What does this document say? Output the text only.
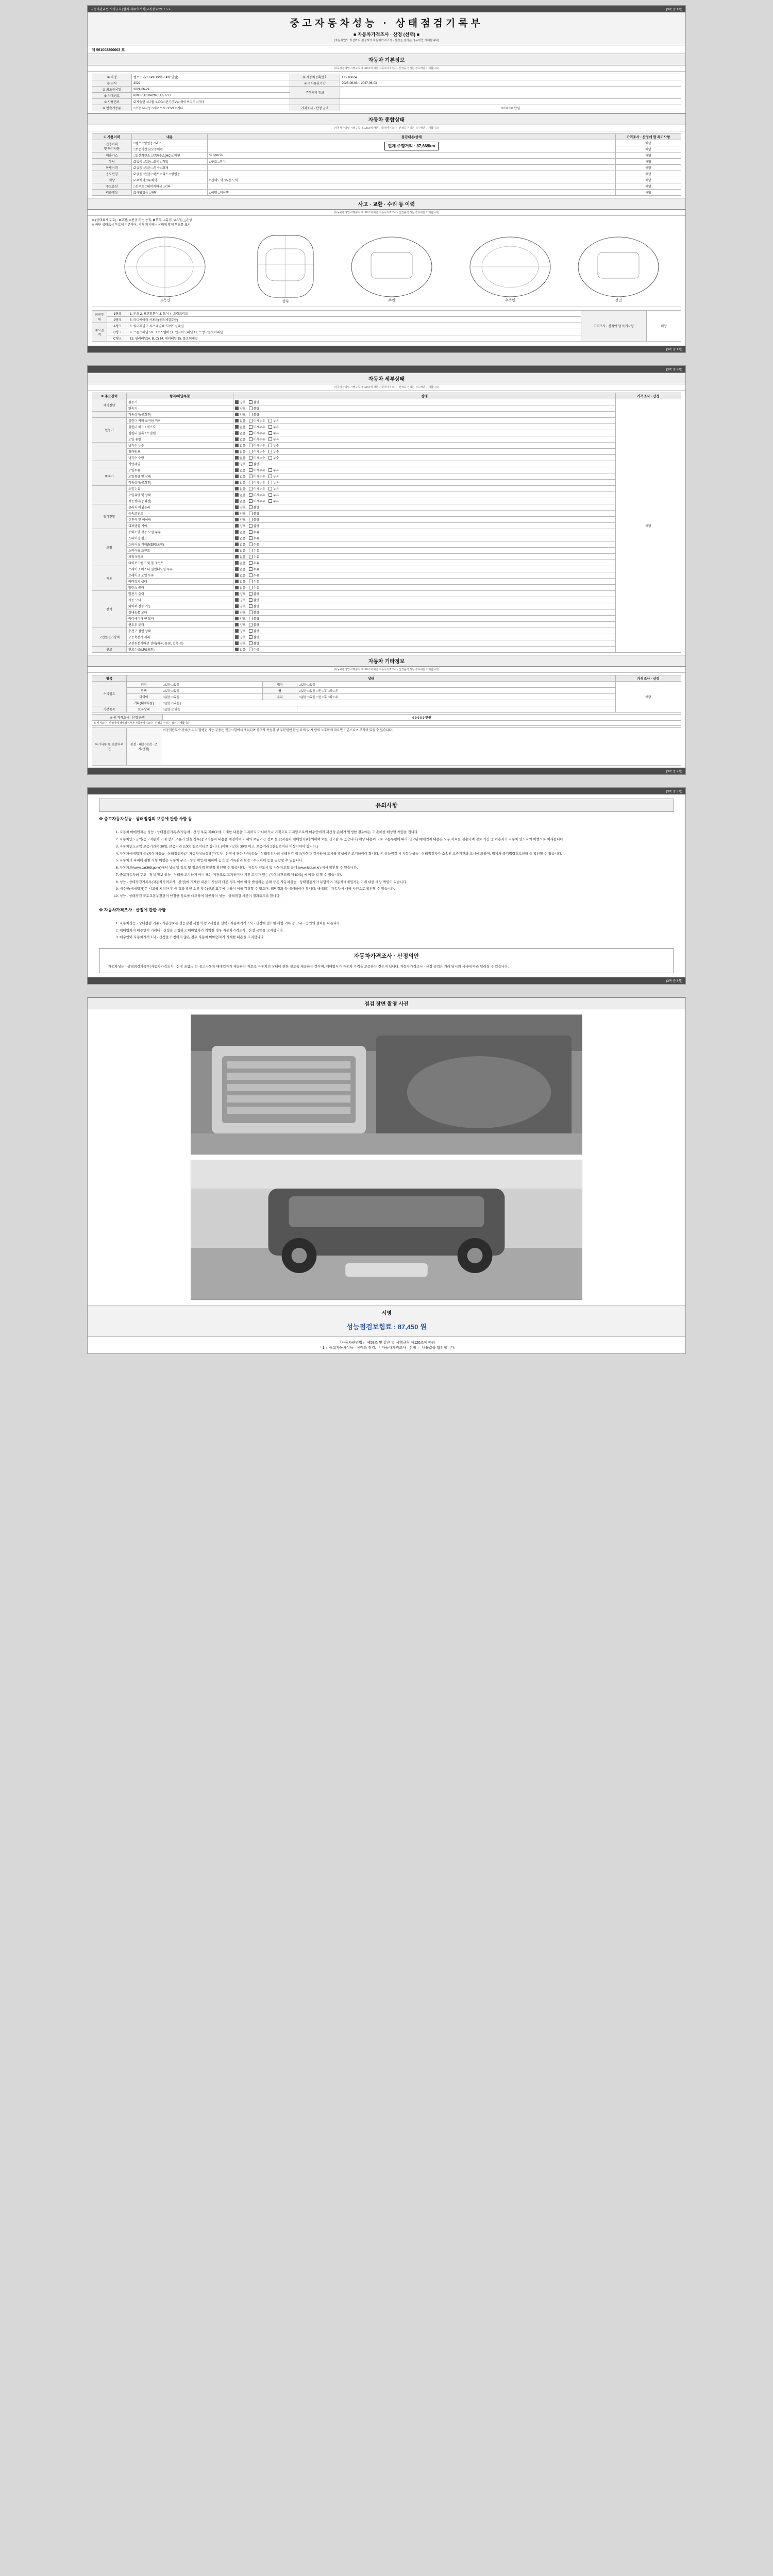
자동차관리법 시행규칙 [별지 제82호서식] <개정 2021.7.5.>	(3쪽 중 1쪽)
중고자동차성능 · 상태점검기록부
■ 자동차가격조사 · 산정 (선택) ■
(자동차인도 이전까지 점검자가 자동차가격조사 · 산정을 원하는 경우에만 기재합니다)
제 561002200003 호
자동차 기본정보
(자동차관리법 시행규칙 제120조에 따른 자동차가격조사 · 산정을 원하는 경우에만 기재합니다)
① 차명	벨로스터(1.6PLUS택시 4박 인델)	② 자동차등록번호	17도83624
③ 연식	2022	④ 검사유효기간	2025-06-03 ~ 2027-06-03
⑤ 최초등록일	2021-06-29	주행거리 정보	
⑥ 차대번호	KMHR5B1VA2MCU857773		
⑦ 사용연료	☑가솔린 □디젤 □LPG □전기(EV) □하이브리드 □기타		
⑧ 변속기종류	□수동 ☑자동 □세미오토 □CVT □기타	가격조사 · 산정 금액	0 0 0 0 0 만원
자동차 종합상태
(자동차관리법 시행규칙 제120조에 따른 자동차가격조사 · 산정을 원하는 경우에만 기재합니다)
① 사용이력	내용	점검내용/상태	가격조사 · 산정에 딸 특기사항
전용이력
및 특기사항	□렌트 □영업용 □리스	현재 주행거리 : 87,669km	해당
	□보증기간 ☑보증이관		해당
배출가스	□일산화탄소 □탄화수소(HC) □매연	% ppm %	해당
튜닝	☑없음 □있음 □불법 □적법	□구조 □장치	해당
특별이력	☑없음 □있음 □침수 □화재		해당
용도변경	☑없음 □있음 □렌트 □리스 □영업용		해당
색상	☑무채색 □유채색	□전체도색 □부분도색	해당
주요옵션	□선루프 □내비게이션 □기타		해당
리콜대상	☑해당없음 □해당	□이행 □미이행	해당
사고 · 교환 · 수리 등 이력
(자동차관리법 시행규칙 제120조에 따른 자동차가격조사 · 산정을 원하는 경우에만 기재합니다)
※ (상태표시 부호) : ⊗교환, ⊙판금 또는 용접, ⊠부식, ⊿흠집, ⊘요철, △손상
※ 하단 상태표시 부호에 기준하여, 기재 위치에는 상태에 맞게 부호를 표시
좌측면	상부	후면	우측면	전면
외판부위	1랭크	1. 후드 2. 프론트휀더 3. 도어 4. 트렁크리드	가격조사 · 산정에 딸 특기사항	해당
	2랭크	5. 라디에이터 서포트(볼트체결부품)		
주요골격	A랭크	6. 쿼터패널 7. 루프패널 8. 사이드실패널		
	B랭크	9. 프론트패널 10. 크로스멤버 11. 인사이드패널 12. 트렁크플로어패널		
	C랭크	13. 필러패널(A, B, C) 14. 대쉬패널 15. 플로어패널		
(3쪽 중 1쪽)
(3쪽 중 2쪽)
자동차 세부상태
(자동차관리법 시행규칙 제120조에 따른 자동차가격조사 · 산정을 원하는 경우에만 기재합니다)
② 주요장치	항목/해당부품	상태	가격조사 · 산정
자기진단	원동기	양호 불량	해당
	변속기	양호 불량	

	작동상태(공회전)	양호 불량	

원동기	실린더 커버 로커암 커버	없음 미세누유 누유	

	실린더 헤드 / 개스킷	없음 미세누유 누유	

	실린더 블록 / 오일팬	없음 미세누유 누유	

	오일 유량	없음 미세누유 누유	

	냉각수 누수	없음 미세누수 누수	

	워터펌프	없음 미세누수 누수	

	냉각수 수량	없음 미세누수 누수	

	커먼레일	양호 불량	

변속기	오일누유	없음 미세누유 누유	

	오일유량 및 상태	없음 미세누유 누유	

	작동상태(공회전)	없음 미세누유 누유	

	오일누유	없음 미세누유 누유	

	오일유량 및 상태	없음 미세누유 누유	

	작동상태(공회전)	없음 미세누유 누유	

동력전달	클러치 어셈블리	양호 불량	

	등속조인트	양호 불량	

	추진축 및 베어링	양호 불량	

	디퍼렌셜 기어	양호 불량	

조향	동력조향 작동 오일 누유	없음 누유	

	스티어링 펌프	없음 누유	

	스티어링 기어(MDPS포함)	없음 누유	

	스티어링 조인트	없음 누유	

	파워크랭크	없음 누유	

	타이로드엔드 및 볼 조인트	없음 누유	

제동	브레이크 마스터 실린더오일 누유	없음 누유	

	브레이크 오일 누유	없음 누유	

	배력장치 상태	없음 누유	

	밸런스 롤러	없음 누유	

전기	발전기 출력	양호 불량	

	시동 모터	양호 불량	

	와이퍼 전동 기능	양호 불량	

	실내송풍 모터	양호 불량	

	라디에이터 팬 모터	양호 불량	

	윈도우 모터	양호 불량	

고전원전기장치	충전구 절연 상태	양호 불량	

	구동축전지 격리	양호 불량	

	고전원전기배선 상태(피복, 물림, 접촉 등)	양호 불량	

연료	연료누출(LPG포함)	없음 누출	
자동차 기타정보
(자동차관리법 시행규칙 제120조에 따른 자동차가격조사 · 산정을 원하는 경우에만 기재합니다)
항목	상태				가격조사 · 산정
수리필요	외장	□없음 □있음	내장	□없음 □있음	해당
	광택	□없음 □있음	휠	□없음 □있음 □전 □후 □좌 □우	
	타이어	□없음 □있음	유리	□없음 □있음 □전 □후 □좌 □우	
	기타(대체부품)	□없음 □있음 (			
기본품목	보유상태	□없음 ☑있음			
※ 총 가격조사 · 산정 금액	0 0 0 0 0 만원
※ 가격조사 · 산정자에 상태점검자가 자동차가격조사 · 산정을 원하는 경우 기재합니다.
특기사항 및 점검자의견	점검 · 내용(점검 · 조사/산정)	비공개란무수 중의(노치의 발생된 기능 부품은 권급시험에서 제외되며 중고차 특성상 상 부분원인 완성 요에 및 자 량의 노후화에 따르면 기존스니츠 부식이 있을 수 있습니다.
(3쪽 중 2쪽)
(3쪽 중 3쪽)
유의사항
※ 중고자동차성능 · 상태점검의 보증에 관한 사항 등
1. 자동차 매매업자는 성능 · 상태점검기록부(자동차 · 산정 부분 제30조에 기재한 내용을 고지하지 아니하거나 거짓으로 고지함으로써 매수인에게 재산상 손해가 발생한 경우에는 그 손해를 배상할 책임을 집니다.
2. 자동차인도금액(중고자동차 거래 장소 오류가 있을 경우(중고자동차 내용을 매검하여 이때의 보완기간 정보 설정(자동차 매매업자)에 의하여 이를 신고할 수 있습니다) 해당 내용이 국토 교통부령에 따라 신고된 매매업자 내용은 모두 자료를 전송되며 검토 기간 중 이용자가 자동차 양도자의 이행으로 처리됩니다.
3. 자동차인도금액 보증기간은 30일, 보증거리 2,000 킬로미터로 합니다. (이때 기간은 30일 이고, 보증거리 2천킬로미터 이상이어야 합니다.)
4. 자동차매매업자 등 (자동차성능 · 상태점검자)은 자동차성능상태(자동차 · 산정에 관한 사항(성능 · 상태점검자의 상태점검 내용(자동차 검사하여 고시를 발생여부 고지하여야 합니다. 동 성능점검 시 자동차성능 · 상태점검자가 소속된 보증기관과 고시에 의하며, 법제처 국기법령정보센터 등 확인할 수 있습니다.
5. 자동차의 피해에 관한 사항 이행은 자동차 구조 · 성능 확인에 대하여 공인 및 기록관리 보증 · 수리이력 등을 열람할 수 있습니다.
6. 자동차의(www.car365.go.kr)에서 성능 및 정보 및 정보이력 확인할 확인할 수 있습니다. · 자동차 인도시 및 자동차보험 공개 (www.kidi.or.kr) 에서 확인할 수 있습니다.
7. 중고자동차의 구조 · 장치 정보 성능 · 상태를 고지하지 아니 또는 거짓으로 고지하거나 거짓 고지가 있는 (자동차관리법 제 80조) 에 따라 벌 할 수 있습니다.
8. 성능 · 상태점검기록부(자동차가격조사 · 산정)에 기재한 내용이 사실과 다른 경우 이에 따라 발생하는 손해 등은 자동차성능 · 상태점검자가 부담하며 자동차매매업자는 이에 대한 배상 책임이 있습니다.
9. 매수인(매매업자)은 시고를 지정한 후 중 결과 확인 오류 횟수(신고 요구에 응하여 이를 감경할 수 없으며, 해당결과 등 매매하여야 합니다. 매매되는 자동차에 대해 사전으로 확인할 수 있습니다.
10. 성능 · 상태점검 국토교통부장관이 인정한 정보를 대조하여 제공하여 성능 · 상태점검 시간이 경과되도록 합니다.
※ 자동차가격조사 · 산정에 관한 사항
1. 자동차성능 · 상태점검 기준 · 기본정보는 성능점검 사항의 참고사항을 선택 · 자동차가격조사 · 산정에 필요한 사항 기록 등 요구 · 승인의 절차를 따릅니다.
2. 매매업자의 매수인이 거래내 · 산정을 요청하고 매매업자가 계약한 경우 자동차가격조사 · 산정 금액을 고지합니다.
3. 매수인이 자동차가격조사 · 산정을 요청하지 않은 경우 자동차 매매업자가 기재한 내용을 고지합니다.
자동차가격조사 · 산정의안
「자동차성능 · 상태점검기록부(자동차가격조사 · 산정 포함)」는 중고자동차 매매업자가 제공하는 자료로 자동차의 상태에 관한 정보를 제공하는 것이며, 매매업자가 자동차 가격을 보증하는 것은 아닙니다. 자동차가격조사 · 산정 금액은 거래 당시의 시세에 따라 달라질 수 있습니다.
(3쪽 중 3쪽)
점검 장면 촬영 사진
서명
성능점검보험료 : 87,450 원
「자동차관리법」 제58조 및 같은 법 시행규칙 제120조에 따라
「 1 」중고자동차성능 · 상태를 점검, 「 자동차가격조사 · 산정 」 내용값을 확인합니다.
